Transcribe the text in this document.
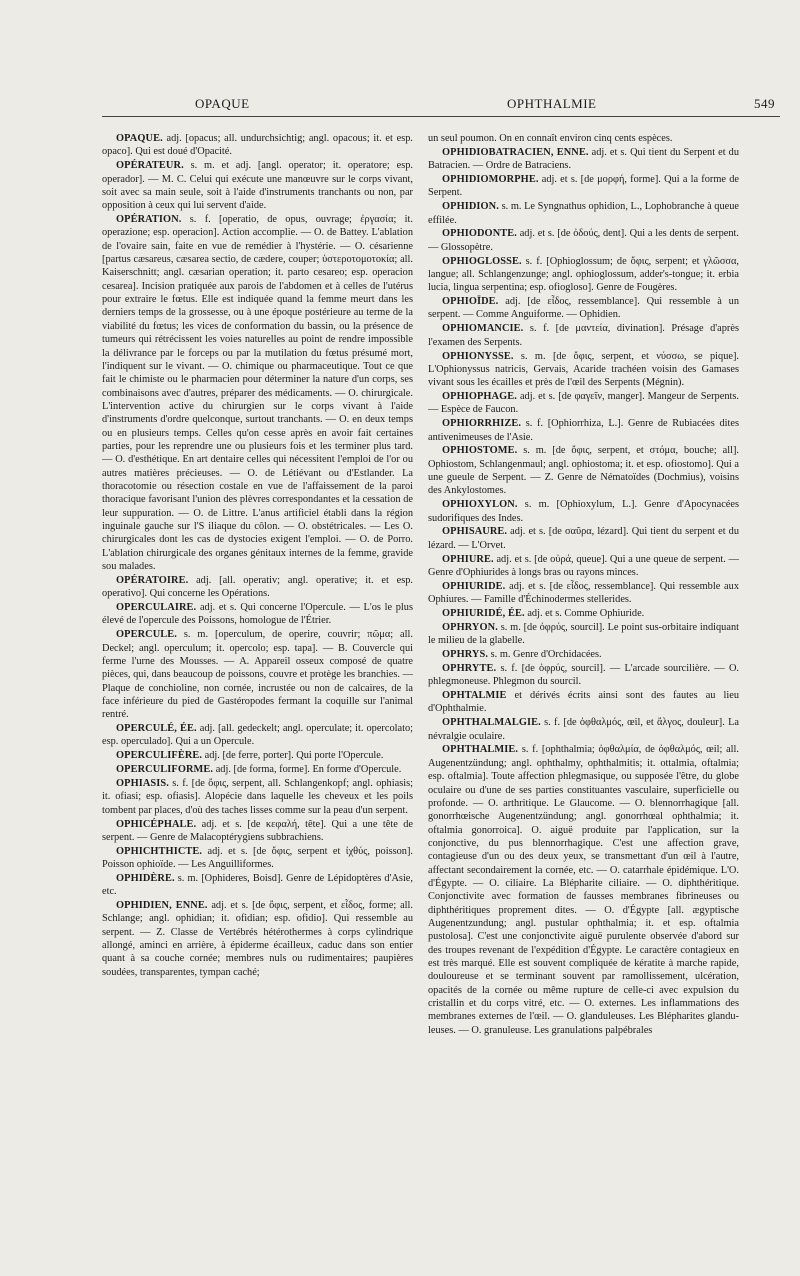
OPAQUE	OPHTHALMIE	549

OPAQUE. adj. [opacus; all. undurchsichtig; angl. opacous; it. et esp. opaco]. Qui est doué d'Opacité.

OPÉRATEUR. s. m. et adj. [angl. operator; it. operatore; esp. operador]. — M. C. Celui qui exécute une manœuvre sur le corps vivant, soit avec sa main seule, soit à l'aide d'instruments tranchants ou non, par opposition à ceux qui lui servent d'aide.

OPÉRATION. s. f. [operatio, de opus, ouvrage; ἐργασία; it. operazione; esp. operacion]. Action accomplie. — O. de Battey. L'ablation de l'ovaire sain, faite en vue de remédier à l'hystérie. — O. césarienne [partus cæsareus, cæsarea sectio, de cædere, couper; ὑστεροτομοτοκία; all. Kaiserschnitt; angl. cæsarian operation; it. parto cesareo; esp. operacion cesarea]. Incision pratiquée aux parois de l'abdomen et à celles de l'utérus pour extraire le fœtus. Elle est indiquée quand la femme meurt dans les derniers temps de la grossesse, ou à une époque postérieure au terme de la viabilité du fœtus; les vices de conformation du bassin, ou la présence de tumeurs qui rétrécissent les voies naturelles au point de rendre impossible la délivrance par le forceps ou par la mutilation du fœtus présumé mort, l'indiquent sur le vivant. — O. chimique ou pharmaceutique. Tout ce que fait le chimiste ou le pharmacien pour déterminer la nature d'un corps, ses combinaisons avec d'autres, préparer des médicaments. — O. chirurgicale. L'intervention active du chirurgien sur le corps vivant à l'aide d'instruments d'ordre quelconque, surtout tranchants. — O. en deux temps ou en plusieurs temps. Celles qu'on cesse après en avoir fait certaines parties, pour les reprendre une ou plusieurs fois et les terminer plus tard. — O. d'esthétique. En art dentaire celles qui nécessitent l'emploi de l'or ou autres matières précieuses. — O. de Létiévant ou d'Estlander. La thoracotomie ou résection costale en vue de l'affaissement de la paroi thoracique favorisant l'union des plèvres correspondantes et la cessation de leur suppuration. — O. de Littre. L'anus artificiel établi dans la région inguinale gauche sur l'S iliaque du côlon. — O. obstétricales. — Les O. chirurgicales dont les cas de dystocies exigent l'emploi. — O. de Porro. L'ablation chirurgicale des organes génitaux internes de la femme, gravide sou malades.

OPÉRATOIRE. adj. [all. operativ; angl. operative; it. et esp. operativo]. Qui concerne les Opérations.

OPERCULAIRE. adj. et s. Qui concerne l'Opercule. — L'os le plus élevé de l'opercule des Poissons, homologue de l'Étrier.

OPERCULE. s. m. [operculum, de operire, couvrir; πῶμα; all. Deckel; angl. operculum; it. opercolo; esp. tapa]. — B. Couvercle qui ferme l'urne des Mousses. — A. Appareil osseux composé de quatre pièces, qui, dans beaucoup de poissons, couvre et protège les branchies. — Plaque de conchioline, non cornée, incrustée ou non de calcaires, de la face inférieure du pied de Gastéropodes fermant la coquille sur l'animal rentré.

OPERCULÉ, ÉE. adj. [all. gedeckelt; angl. operculate; it. opercolato; esp. operculado]. Qui a un Opercule.

OPERCULIFÈRE. adj. [de ferre, porter]. Qui porte l'Opercule.

OPERCULIFORME. adj. [de forma, forme]. En forme d'Opercule.

OPHIASIS. s. f. [de ὄφις, serpent, all. Schlangenkopf; angl. ophiasis; it. ofiasi; esp. ofiasis]. Alopécie dans laquelle les cheveux et les poils tombent par places, d'où des taches lisses comme sur la peau d'un serpent.

OPHICÉPHALE. adj. et s. [de κεφαλή, tête]. Qui a une tête de serpent. — Genre de Malacoptérygiens subbrachiens.

OPHICHTHICTE. adj. et s. [de ὄφις, serpent et ἰχθύς, poisson]. Poisson ophioïde. — Les Anguilliformes.

OPHIDÈRE. s. m. [Ophideres, Boisd]. Genre de Lépidoptères d'Asie, etc.

OPHIDIEN, ENNE. adj. et s. [de ὄφις, serpent, et εἶδος, forme; all. Schlange; angl. ophidian; it. ofidian; esp. ofidio]. Qui ressemble au serpent. — Z. Classe de Vertébrés hétérothermes à corps cylindrique allongé, aminci en arrière, à épiderme écailleux, caduc dans son entier quant à sa couche cornée; membres nuls ou rudimentaires; paupières soudées, transparentes, tympan caché;

un seul poumon. On en connaît environ cinq cents espèces.

OPHIDIOBATRACIEN, ENNE. adj. et s. Qui tient du Serpent et du Batracien. — Ordre de Batraciens.

OPHIDIOMORPHE. adj. et s. [de μορφή, forme]. Qui a la forme de Serpent.

OPHIDION. s. m. Le Syngnathus ophidion, L., Lophobranche à queue effilée.

OPHIODONTE. adj. et s. [de ὀδούς, dent]. Qui a les dents de serpent. — Glossopètre.

OPHIOGLOSSE. s. f. [Ophioglossum; de ὄφις, serpent; et γλῶσσα, langue; all. Schlangenzunge; angl. ophioglossum, adder's-tongue; it. erbia lucia, lingua serpentina; esp. ofiogloso]. Genre de Fougères.

OPHIOÏDE. adj. [de εἶδος, ressemblance]. Qui ressemble à un serpent. — Comme Anguiforme. — Ophidien.

OPHIOMANCIE. s. f. [de μαντεία, divination]. Présage d'après l'examen des Serpents.

OPHIONYSSE. s. m. [de ὄφις, serpent, et νύσσω, se pique]. L'Ophionyssus natricis, Gervais, Acaride trachéen voisin des Gamases vivant sous les écailles et près de l'œil des Serpents (Mégnin).

OPHIOPHAGE. adj. et s. [de φαγεῖν, manger]. Mangeur de Serpents. — Espèce de Faucon.

OPHIORRHIZE. s. f. [Ophiorrhiza, L.]. Genre de Rubiacées dites antivenimeuses de l'Asie.

OPHIOSTOME. s. m. [de ὄφις, serpent, et στόμα, bouche; all]. Ophiostom, Schlangenmaul; angl. ophiostoma; it. et esp. ofiostomo]. Qui a une gueule de Serpent. — Z. Genre de Nématoïdes (Dochmius), voisins des Ankylostomes.

OPHIOXYLON. s. m. [Ophioxylum, L.]. Genre d'Apocynacées sudorifiques des Indes.

OPHISAURE. adj. et s. [de σαῦρα, lézard]. Qui tient du serpent et du lézard. — L'Orvet.

OPHIURE. adj. et s. [de οὐρά, queue]. Qui a une queue de serpent. — Genre d'Ophiurides à longs bras ou rayons minces.

OPHIURIDE. adj. et s. [de εἶδος, ressemblance]. Qui ressemble aux Ophiures. — Famille d'Échinodermes stellerides.

OPHIURIDÉ, ÉE. adj. et s. Comme Ophiuride.

OPHRYON. s. m. [de ὀφρύς, sourcil]. Le point sus-orbitaire indiquant le milieu de la glabelle.

OPHRYS. s. m. Genre d'Orchidacées.

OPHRYTE. s. f. [de ὀφρύς, sourcil]. — L'arcade sourcilière. — O. phlegmoneuse. Phlegmon du sourcil.

OPHTALMIE et dérivés écrits ainsi sont des fautes au lieu d'Ophthalmie.

OPHTHALMALGIE. s. f. [de ὀφθαλμός, œil, et ἄλγος, douleur]. La névralgie oculaire.

OPHTHALMIE. s. f. [ophthalmia; ὀφθαλμία, de ὀφθαλμός, œil; all. Augenentzündung; angl. ophthalmy, ophthalmitis; it. ottalmia, oftalmia; esp. oftalmia]. Toute affection phlegmasique, ou supposée l'être, du globe oculaire ou d'une de ses parties constituantes vasculaire, superficielle ou profonde. — O. arthritique. Le Glaucome. — O. blennorrhagique [all. gonorrhœische Augenentzündung; angl. gonorrhœal ophthalmia; it. oftalmia gonorroica]. O. aiguë produite par l'application, sur la conjonctive, du pus blennorrhagique. C'est une affection grave, contagieuse d'un ou des deux yeux, se transmettant d'un œil à l'autre, affectant secondairement la cornée, etc. — O. catarrhale épidémique. L'O. d'Égypte. — O. ciliaire. La Blépharite ciliaire. — O. diphthéritique. Conjonctivite avec formation de fausses membranes fibrineuses ou diphthéritiques proprement dites. — O. d'Égypte [all. ægyptische Augenentzundung; angl. pustular ophthalmia; it. et esp. oftalmia pustolosa]. C'est une conjonctivite aiguë purulente observée d'abord sur des troupes revenant de l'expédition d'Égypte. Le caractère contagieux en est très marqué. Elle est souvent compliquée de kératite à marche rapide, douloureuse et se terminant souvent par ramollissement, ulcération, opacités de la cornée ou même rupture de celle-ci avec expulsion du cristallin et du corps vitré, etc. — O. externes. Les inflammations des membranes externes de l'œil. — O. glanduleuses. Les Blépharites glandu-leuses. — O. granuleuse. Les granulations palpébrales
